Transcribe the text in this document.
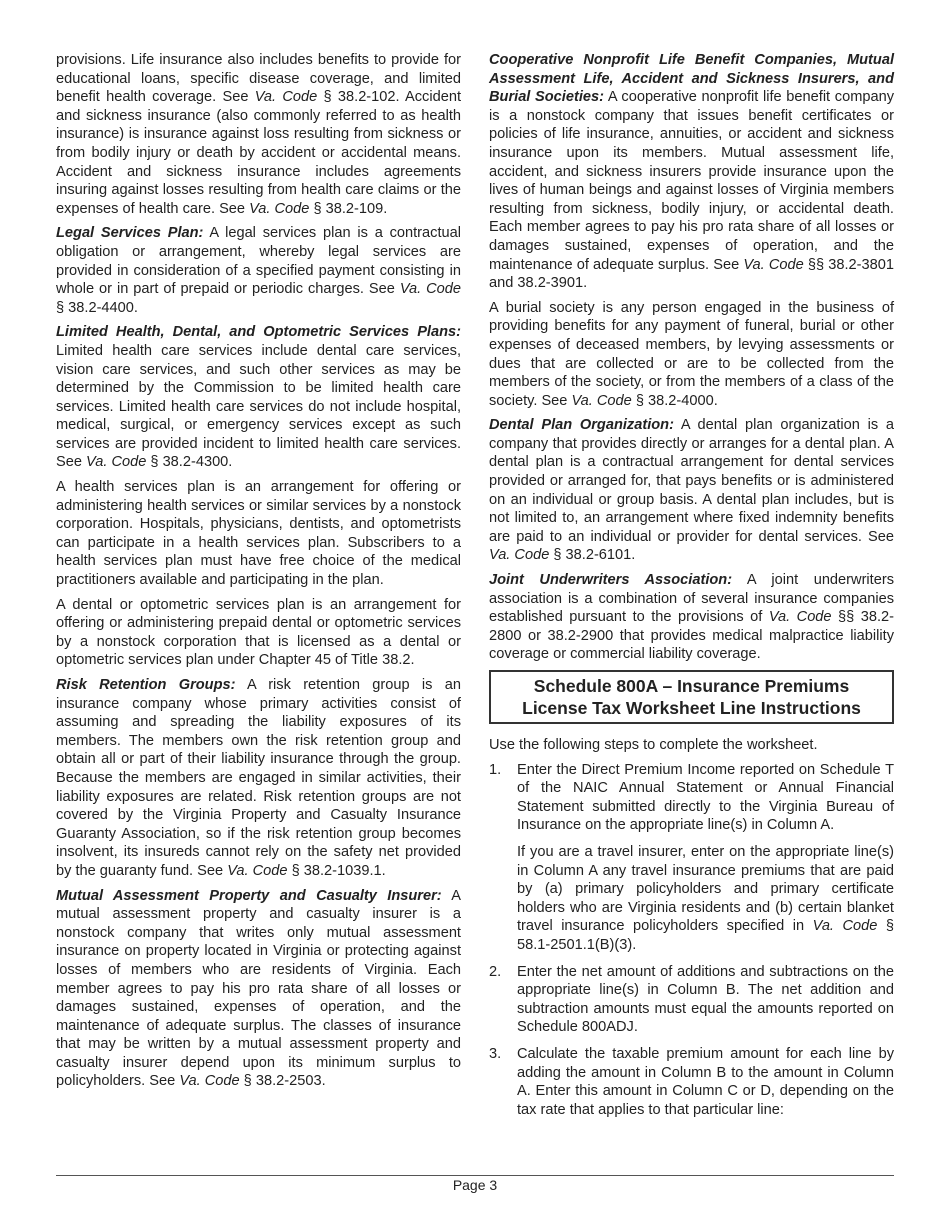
provisions. Life insurance also includes benefits to provide for educational loans, specific disease coverage, and limited benefit health coverage. See Va. Code § 38.2-102. Accident and sickness insurance (also commonly referred to as health insurance) is insurance against loss resulting from sickness or from bodily injury or death by accident or accidental means. Accident and sickness insurance includes agreements insuring against losses resulting from health care claims or the expenses of health care. See Va. Code § 38.2-109.

Legal Services Plan: A legal services plan is a contractual obligation or arrangement, whereby legal services are provided in consideration of a specified payment consisting in whole or in part of prepaid or periodic charges. See Va. Code § 38.2-4400.

Limited Health, Dental, and Optometric Services Plans: Limited health care services include dental care services, vision care services, and such other services as may be determined by the Commission to be limited health care services. Limited health care services do not include hospital, medical, surgical, or emergency services except as such services are provided incident to limited health care services. See Va. Code § 38.2-4300.

A health services plan is an arrangement for offering or administering health services or similar services by a nonstock corporation. Hospitals, physicians, dentists, and optometrists can participate in a health services plan. Subscribers to a health services plan must have free choice of the medical practitioners available and participating in the plan.

A dental or optometric services plan is an arrangement for offering or administering prepaid dental or optometric services by a nonstock corporation that is licensed as a dental or optometric services plan under Chapter 45 of Title 38.2.

Risk Retention Groups: A risk retention group is an insurance company whose primary activities consist of assuming and spreading the liability exposures of its members. The members own the risk retention group and obtain all or part of their liability insurance through the group. Because the members are engaged in similar activities, their liability exposures are related. Risk retention groups are not covered by the Virginia Property and Casualty Insurance Guaranty Association, so if the risk retention group becomes insolvent, its insureds cannot rely on the safety net provided by the guaranty fund. See Va. Code § 38.2-1039.1.

Mutual Assessment Property and Casualty Insurer: A mutual assessment property and casualty insurer is a nonstock company that writes only mutual assessment insurance on property located in Virginia or protecting against losses of members who are residents of Virginia. Each member agrees to pay his pro rata share of all losses or damages sustained, expenses of operation, and the maintenance of adequate surplus. The classes of insurance that may be written by a mutual assessment property and casualty insurer depend upon its minimum surplus to policyholders. See Va. Code § 38.2-2503.

Cooperative Nonprofit Life Benefit Companies, Mutual Assessment Life, Accident and Sickness Insurers, and Burial Societies: A cooperative nonprofit life benefit company is a nonstock company that issues benefit certificates or policies of life insurance, annuities, or accident and sickness insurance upon its members. Mutual assessment life, accident, and sickness insurers provide insurance upon the lives of human beings and against losses of Virginia members resulting from sickness, bodily injury, or accidental death. Each member agrees to pay his pro rata share of all losses or damages sustained, expenses of operation, and the maintenance of adequate surplus. See Va. Code §§ 38.2-3801 and 38.2-3901.

A burial society is any person engaged in the business of providing benefits for any payment of funeral, burial or other expenses of deceased members, by levying assessments or dues that are collected or are to be collected from the members of the society, or from the members of a class of the society. See Va. Code § 38.2-4000.

Dental Plan Organization: A dental plan organization is a company that provides directly or arranges for a dental plan. A dental plan is a contractual arrangement for dental services provided or arranged for, that pays benefits or is administered on an individual or group basis. A dental plan includes, but is not limited to, an arrangement where fixed indemnity benefits are paid to an individual or provider for dental services. See Va. Code § 38.2-6101.

Joint Underwriters Association: A joint underwriters association is a combination of several insurance companies established pursuant to the provisions of Va. Code §§ 38.2-2800 or 38.2-2900 that provides medical malpractice liability coverage or commercial liability coverage.

Schedule 800A – Insurance Premiums
License Tax Worksheet Line Instructions

Use the following steps to complete the worksheet.

1. Enter the Direct Premium Income reported on Schedule T of the NAIC Annual Statement or Annual Financial Statement submitted directly to the Virginia Bureau of Insurance on the appropriate line(s) in Column A.

If you are a travel insurer, enter on the appropriate line(s) in Column A any travel insurance premiums that are paid by (a) primary policyholders and primary certificate holders who are Virginia residents and (b) certain blanket travel insurance policyholders specified in Va. Code § 58.1-2501.1(B)(3).

2. Enter the net amount of additions and subtractions on the appropriate line(s) in Column B. The net addition and subtraction amounts must equal the amounts reported on Schedule 800ADJ.

3. Calculate the taxable premium amount for each line by adding the amount in Column B to the amount in Column A. Enter this amount in Column C or D, depending on the tax rate that applies to that particular line:

Page 3
